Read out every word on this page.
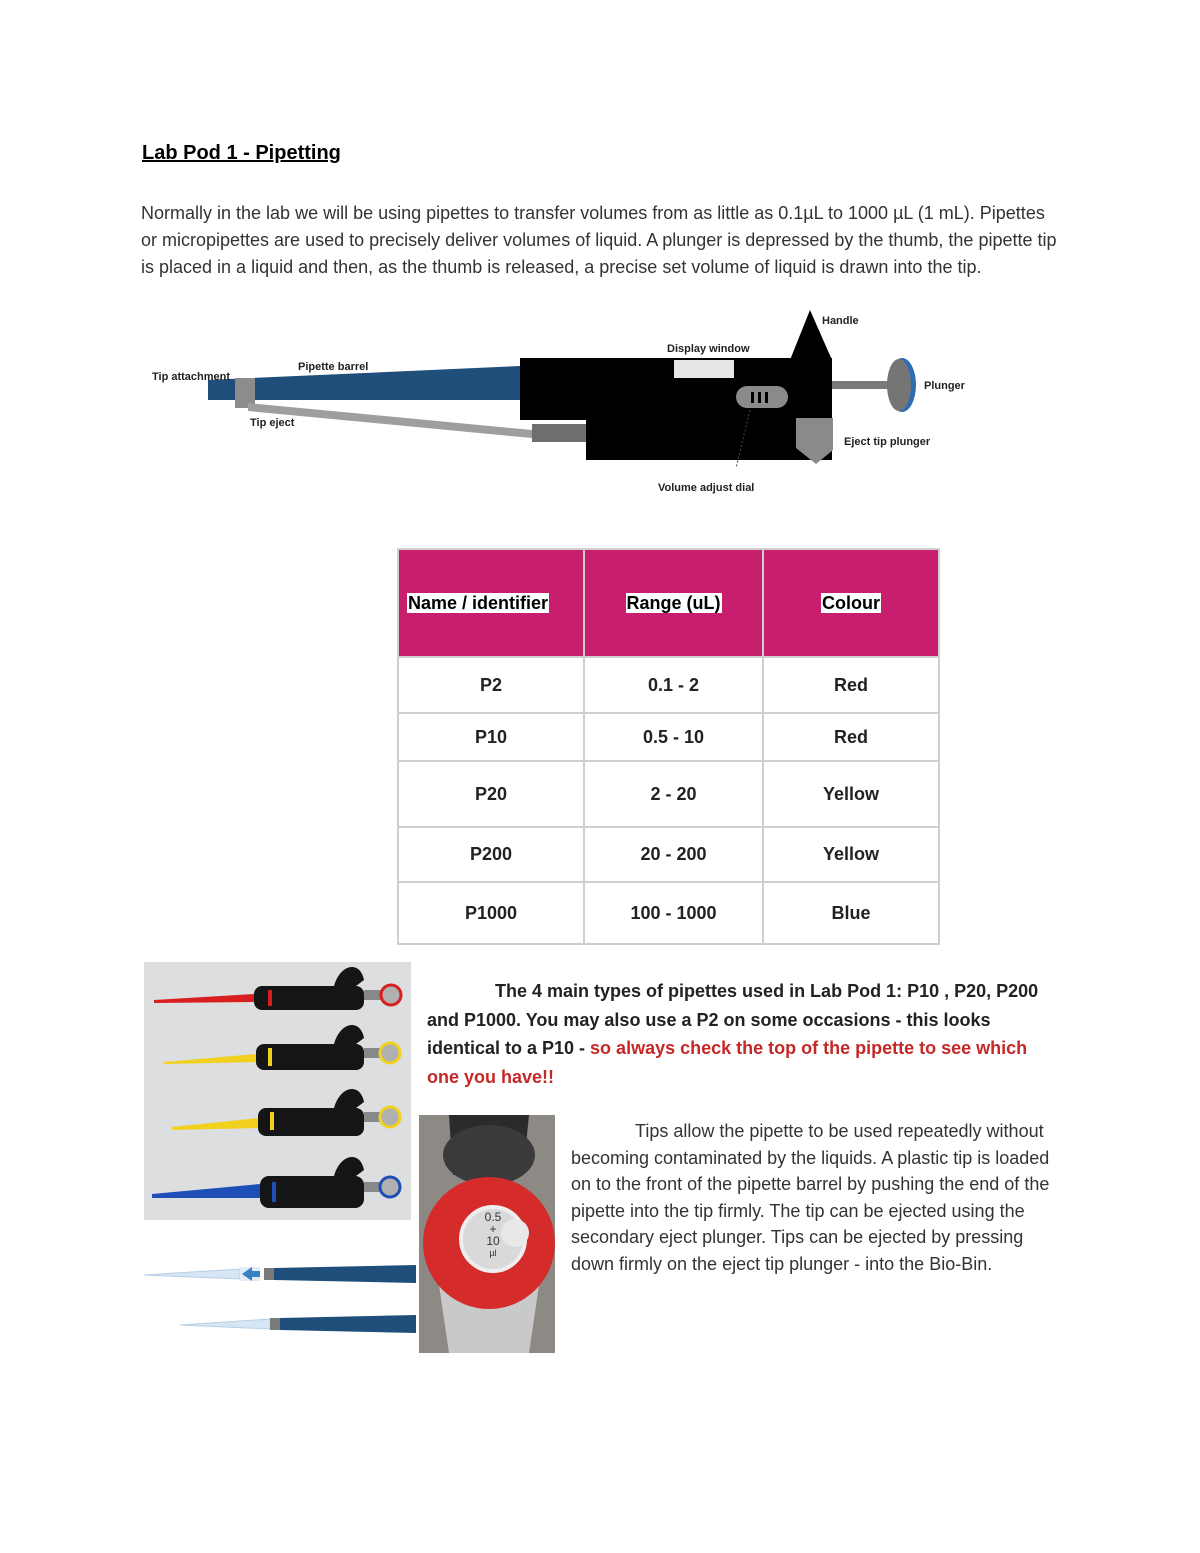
Lab Pod 1 - Pipetting
Normally in the lab we will be using pipettes to transfer volumes from as little as 0.1µL to 1000 µL (1 mL). Pipettes or micropipettes are used to precisely deliver volumes of liquid. A plunger is depressed by the thumb, the pipette tip is placed in a liquid and then, as the thumb is released, a precise set volume of liquid is drawn into the tip.
Tip attachment
Pipette barrel
Tip eject
Display window
Handle
Plunger
Eject tip plunger
Volume adjust dial
Name / identifier	Range (uL)	Colour
P2	0.1 - 2	Red
P10	0.5 - 10	Red
P20	2 - 20	Yellow
P200	20 - 200	Yellow
P1000	100 - 1000	Blue
0.5
+
10
µl
The 4 main types of pipettes used in Lab Pod 1: P10 , P20, P200 and P1000. You may also use a P2 on some occasions - this looks identical to a P10 - so always check the top of the pipette to see which one you have!!
Tips allow the pipette to be used repeatedly without becoming contaminated by the liquids. A plastic tip is loaded on to the front of the pipette barrel by pushing the end of the pipette into the tip firmly. The tip can be ejected using the secondary eject plunger. Tips can be ejected by pressing down firmly on the eject tip plunger - into the Bio-Bin.
